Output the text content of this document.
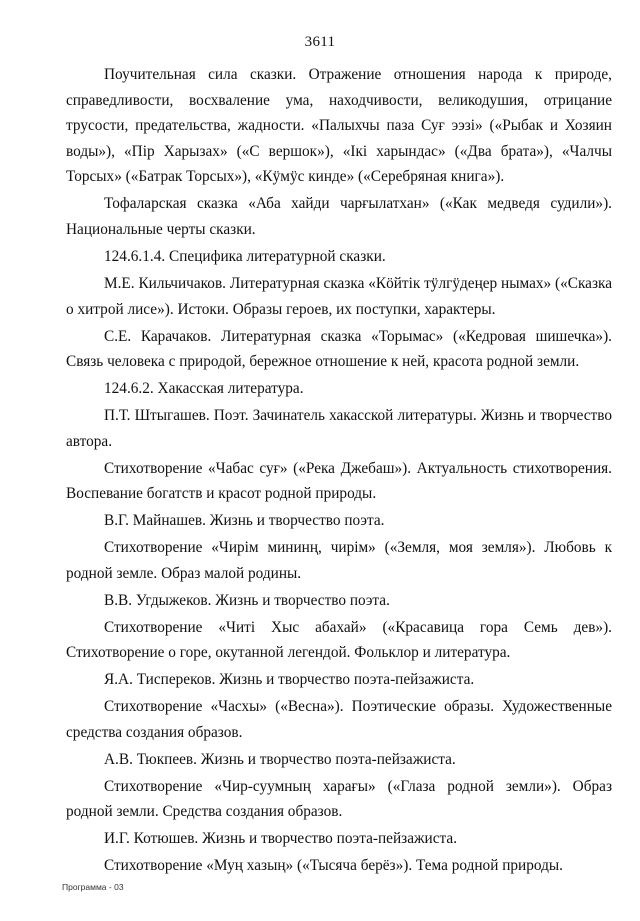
3611

Поучительная сила сказки. Отражение отношения народа к природе, справедливости, восхваление ума, находчивости, великодушия, отрицание трусости, предательства, жадности. «Палыхчы паза Суғ ээзі» («Рыбак и Хозяин воды»), «Пір Харызах» («С вершок»), «Ікі харындас» («Два брата»), «Чалчы Торсых» («Батрак Торсых»), «Кӱмӱс кинде» («Серебряная книга»).

Тофаларская сказка «Аба хайди чарғылатхан» («Как медведя судили»). Национальные черты сказки.

124.6.1.4. Специфика литературной сказки.

М.Е. Кильчичаков. Литературная сказка «Кӧйтік тӱлгӱдеңер нымах» («Сказка о хитрой лисе»). Истоки. Образы героев, их поступки, характеры.

С.Е. Карачаков. Литературная сказка «Торымас» («Кедровая шишечка»). Связь человека с природой, бережное отношение к ней, красота родной земли.

124.6.2. Хакасская литература.

П.Т. Штыгашев. Поэт. Зачинатель хакасской литературы. Жизнь и творчество автора.

Стихотворение «Чабас суғ» («Река Джебаш»). Актуальность стихотворения. Воспевание богатств и красот родной природы.

В.Г. Майнашев. Жизнь и творчество поэта.

Стихотворение «Чирім мининң, чирім» («Земля, моя земля»). Любовь к родной земле. Образ малой родины.

В.В. Угдыжеков. Жизнь и творчество поэта.

Стихотворение «Читі Хыс абахай» («Красавица гора Семь дев»). Стихотворение о горе, окутанной легендой. Фольклор и литература.

Я.А. Тиспереков. Жизнь и творчество поэта-пейзажиста.

Стихотворение «Часхы» («Весна»). Поэтические образы. Художественные средства создания образов.

А.В. Тюкпеев. Жизнь и творчество поэта-пейзажиста.

Стихотворение «Чир-суумның харағы» («Глаза родной земли»). Образ родной земли. Средства создания образов.

И.Г. Котюшев. Жизнь и творчество поэта-пейзажиста.

Стихотворение «Муң хазың» («Тысяча берёз»). Тема родной природы.

Программа - 03
